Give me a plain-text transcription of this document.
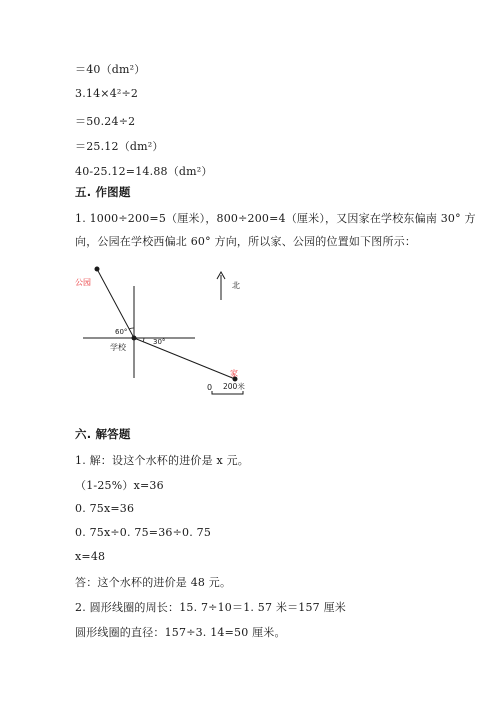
＝40（dm²）
3.14×4²÷2
＝50.24÷2
＝25.12（dm²）
40-25.12=14.88（dm²）
五. 作图题
1. 1000÷200=5（厘米），800÷200=4（厘米），又因家在学校东偏南 30° 方
向，公园在学校西偏北 60° 方向，所以家、公园的位置如下图所示：
公园
60°
30°
学校
家
北
0 200米
六. 解答题
1. 解：设这个水杯的进价是 x 元。
（1-25%）x=36
0. 75x=36
0. 75x÷0. 75=36÷0. 75
x=48
答：这个水杯的进价是 48 元。
2. 圆形线圈的周长：15. 7÷10＝1. 57 米＝157 厘米
圆形线圈的直径：157÷3. 14=50 厘米。
